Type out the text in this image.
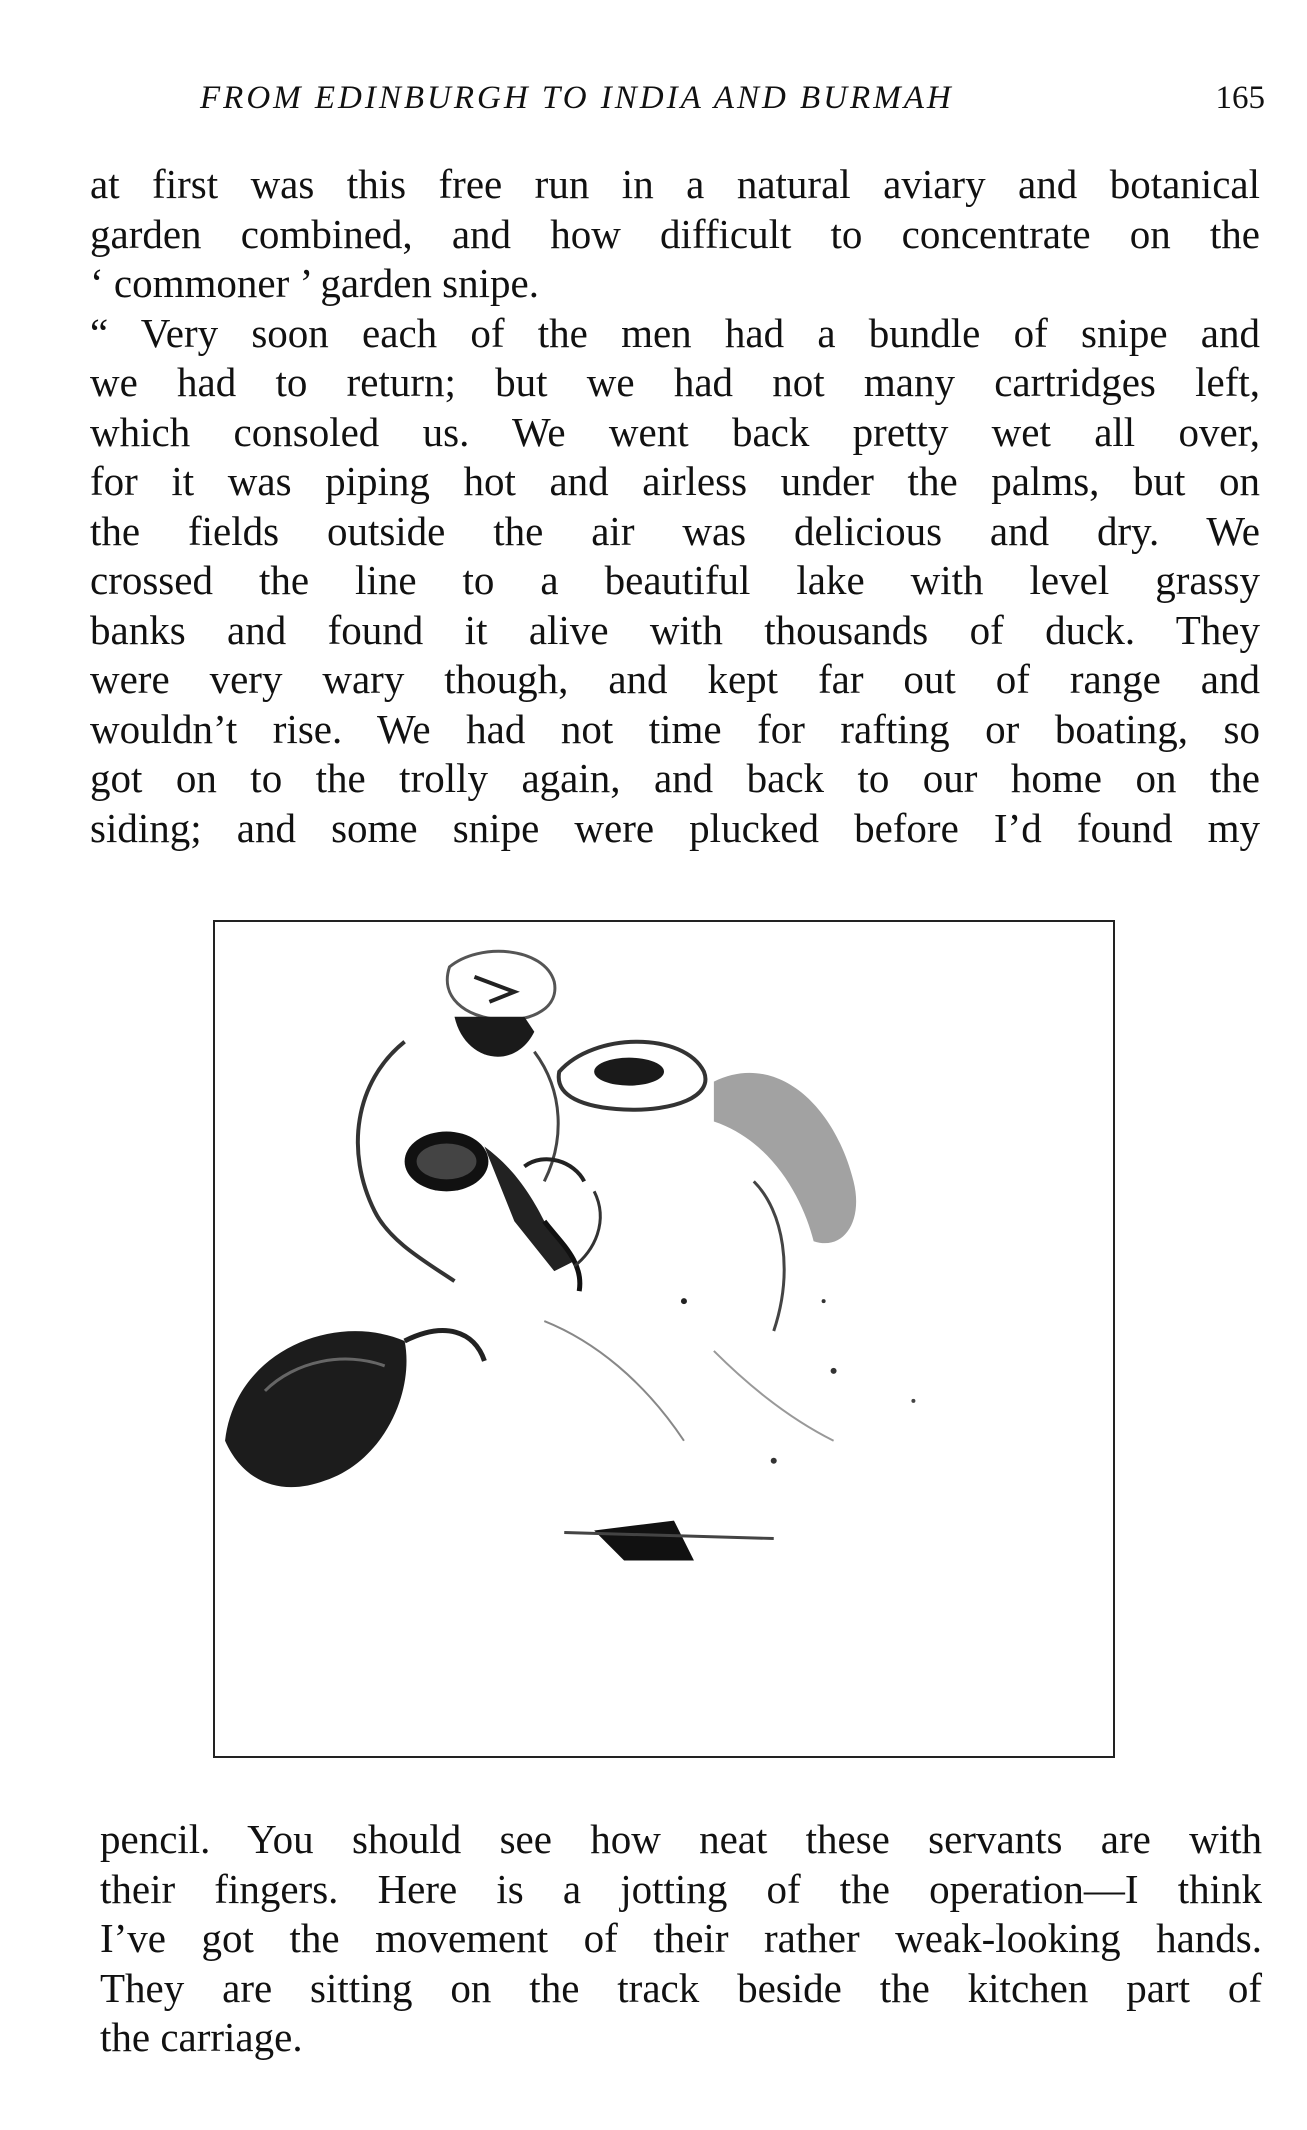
FROM EDINBURGH TO INDIA AND BURMAH	165

at first was this free run in a natural aviary and botanical
garden combined, and how difficult to concentrate on the
‘ commoner ’ garden snipe.
“ Very soon each of the men had a bundle of snipe and
we had to return; but we had not many cartridges left,
which consoled us. We went back pretty wet all over,
for it was piping hot and airless under the palms, but on
the fields outside the air was delicious and dry. We
crossed the line to a beautiful lake with level grassy
banks and found it alive with thousands of duck. They
were very wary though, and kept far out of range and
wouldn’t rise. We had not time for rafting or boating, so
got on to the trolly again, and back to our home on the
siding; and some snipe were plucked before I’d found my

pencil. You should see how neat these servants are with
their fingers. Here is a jotting of the operation—I think
I’ve got the movement of their rather weak-looking hands.
They are sitting on the track beside the kitchen part of
the carriage.
